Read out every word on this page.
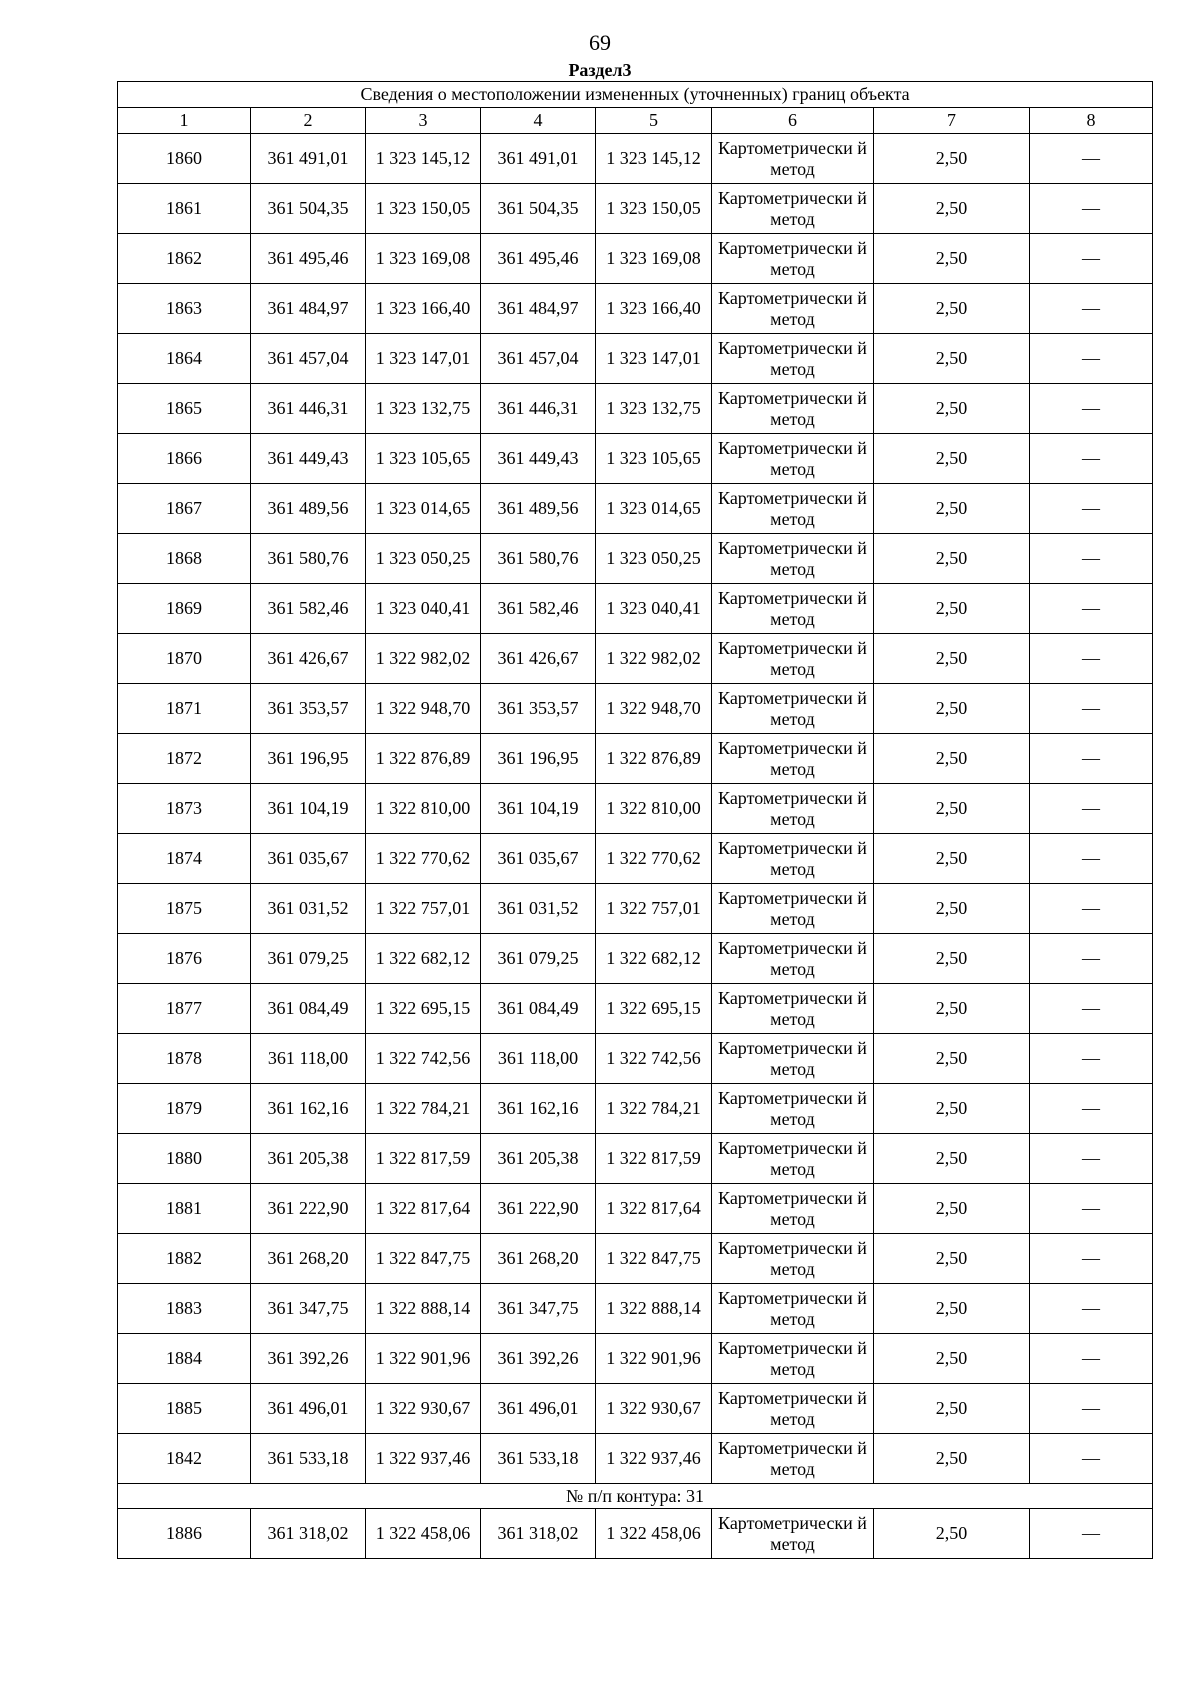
69
Раздел3
Сведения о местоположении измененных (уточненных) границ объекта							
1	2	3	4	5	6	7	8
1860	361 491,01	1 323 145,12	361 491,01	1 323 145,12	Картометрически й метод	2,50	—
1861	361 504,35	1 323 150,05	361 504,35	1 323 150,05	Картометрически й метод	2,50	—
1862	361 495,46	1 323 169,08	361 495,46	1 323 169,08	Картометрически й метод	2,50	—
1863	361 484,97	1 323 166,40	361 484,97	1 323 166,40	Картометрически й метод	2,50	—
1864	361 457,04	1 323 147,01	361 457,04	1 323 147,01	Картометрически й метод	2,50	—
1865	361 446,31	1 323 132,75	361 446,31	1 323 132,75	Картометрически й метод	2,50	—
1866	361 449,43	1 323 105,65	361 449,43	1 323 105,65	Картометрически й метод	2,50	—
1867	361 489,56	1 323 014,65	361 489,56	1 323 014,65	Картометрически й метод	2,50	—
1868	361 580,76	1 323 050,25	361 580,76	1 323 050,25	Картометрически й метод	2,50	—
1869	361 582,46	1 323 040,41	361 582,46	1 323 040,41	Картометрически й метод	2,50	—
1870	361 426,67	1 322 982,02	361 426,67	1 322 982,02	Картометрически й метод	2,50	—
1871	361 353,57	1 322 948,70	361 353,57	1 322 948,70	Картометрически й метод	2,50	—
1872	361 196,95	1 322 876,89	361 196,95	1 322 876,89	Картометрически й метод	2,50	—
1873	361 104,19	1 322 810,00	361 104,19	1 322 810,00	Картометрически й метод	2,50	—
1874	361 035,67	1 322 770,62	361 035,67	1 322 770,62	Картометрически й метод	2,50	—
1875	361 031,52	1 322 757,01	361 031,52	1 322 757,01	Картометрически й метод	2,50	—
1876	361 079,25	1 322 682,12	361 079,25	1 322 682,12	Картометрически й метод	2,50	—
1877	361 084,49	1 322 695,15	361 084,49	1 322 695,15	Картометрически й метод	2,50	—
1878	361 118,00	1 322 742,56	361 118,00	1 322 742,56	Картометрически й метод	2,50	—
1879	361 162,16	1 322 784,21	361 162,16	1 322 784,21	Картометрически й метод	2,50	—
1880	361 205,38	1 322 817,59	361 205,38	1 322 817,59	Картометрически й метод	2,50	—
1881	361 222,90	1 322 817,64	361 222,90	1 322 817,64	Картометрически й метод	2,50	—
1882	361 268,20	1 322 847,75	361 268,20	1 322 847,75	Картометрически й метод	2,50	—
1883	361 347,75	1 322 888,14	361 347,75	1 322 888,14	Картометрически й метод	2,50	—
1884	361 392,26	1 322 901,96	361 392,26	1 322 901,96	Картометрически й метод	2,50	—
1885	361 496,01	1 322 930,67	361 496,01	1 322 930,67	Картометрически й метод	2,50	—
1842	361 533,18	1 322 937,46	361 533,18	1 322 937,46	Картометрически й метод	2,50	—
№ п/п контура: 31							
1886	361 318,02	1 322 458,06	361 318,02	1 322 458,06	Картометрически й метод	2,50	—
